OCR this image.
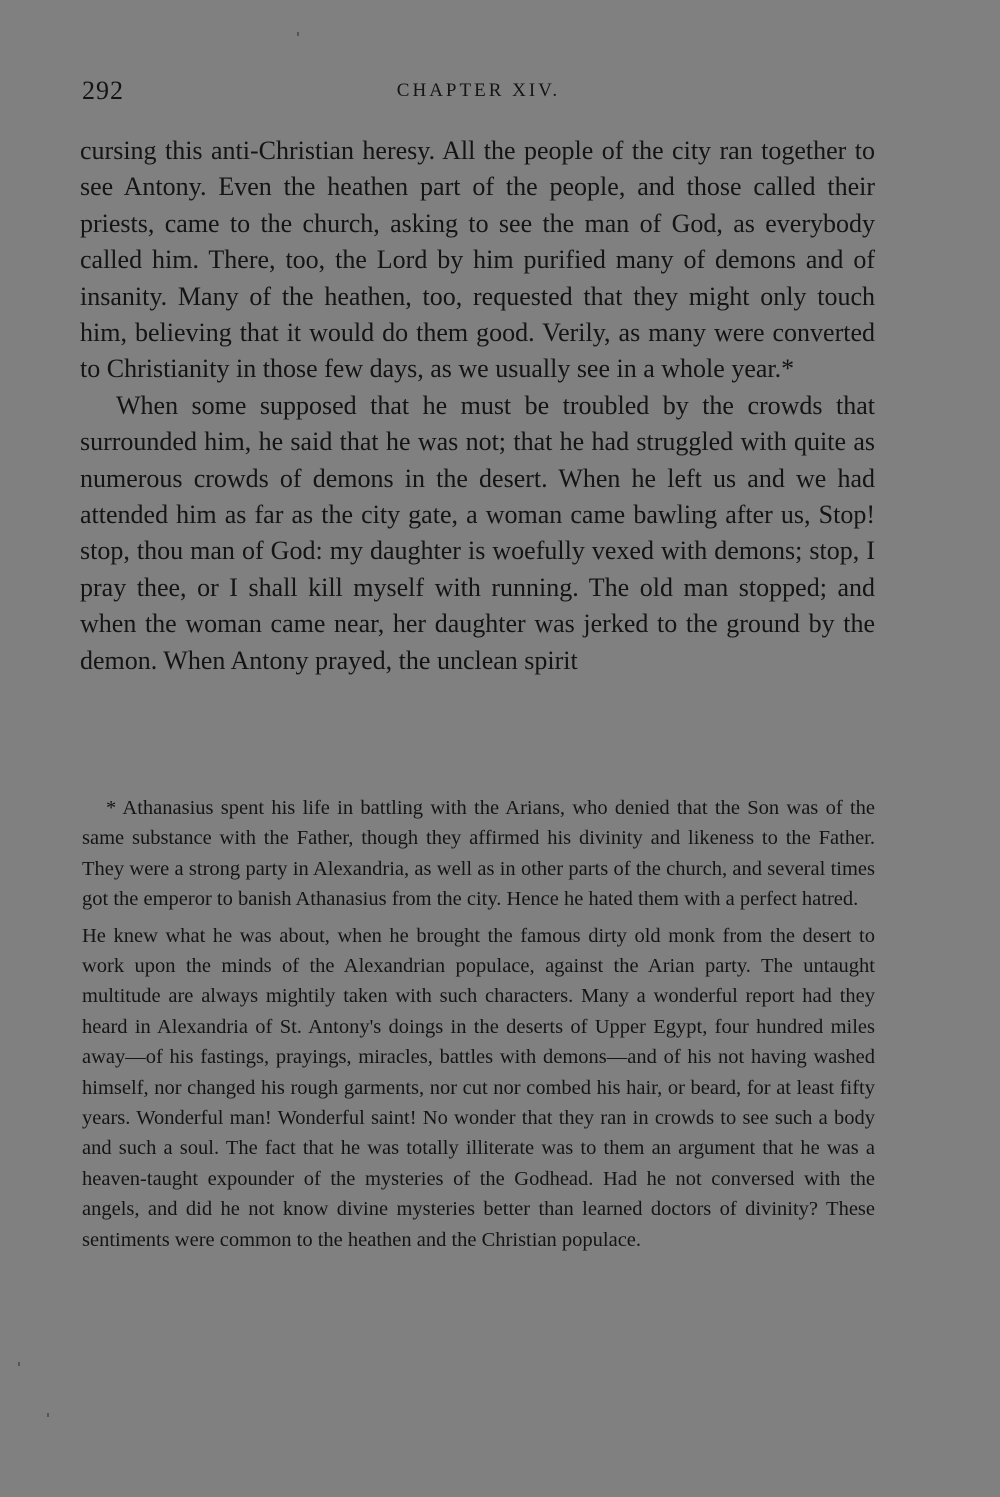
292	CHAPTER XIV.

cursing this anti-Christian heresy. All the people of the city ran together to see Antony. Even the heathen part of the people, and those called their priests, came to the church, asking to see the man of God, as everybody called him. There, too, the Lord by him purified many of demons and of insanity. Many of the heathen, too, requested that they might only touch him, believing that it would do them good. Verily, as many were converted to Christianity in those few days, as we usually see in a whole year.*

When some supposed that he must be troubled by the crowds that surrounded him, he said that he was not; that he had struggled with quite as numerous crowds of demons in the desert. When he left us and we had attended him as far as the city gate, a woman came bawling after us, Stop! stop, thou man of God: my daughter is woefully vexed with demons; stop, I pray thee, or I shall kill myself with running. The old man stopped; and when the woman came near, her daughter was jerked to the ground by the demon. When Antony prayed, the unclean spirit

* Athanasius spent his life in battling with the Arians, who denied that the Son was of the same substance with the Father, though they affirmed his divinity and likeness to the Father. They were a strong party in Alexandria, as well as in other parts of the church, and several times got the emperor to banish Athanasius from the city. Hence he hated them with a perfect hatred.

He knew what he was about, when he brought the famous dirty old monk from the desert to work upon the minds of the Alexandrian populace, against the Arian party. The untaught multitude are always mightily taken with such characters. Many a wonderful report had they heard in Alexandria of St. Antony's doings in the deserts of Upper Egypt, four hundred miles away—of his fastings, prayings, miracles, battles with demons—and of his not having washed himself, nor changed his rough garments, nor cut nor combed his hair, or beard, for at least fifty years. Wonderful man! Wonderful saint! No wonder that they ran in crowds to see such a body and such a soul. The fact that he was totally illiterate was to them an argument that he was a heaven-taught expounder of the mysteries of the Godhead. Had he not conversed with the angels, and did he not know divine mysteries better than learned doctors of divinity? These sentiments were common to the heathen and the Christian populace.
